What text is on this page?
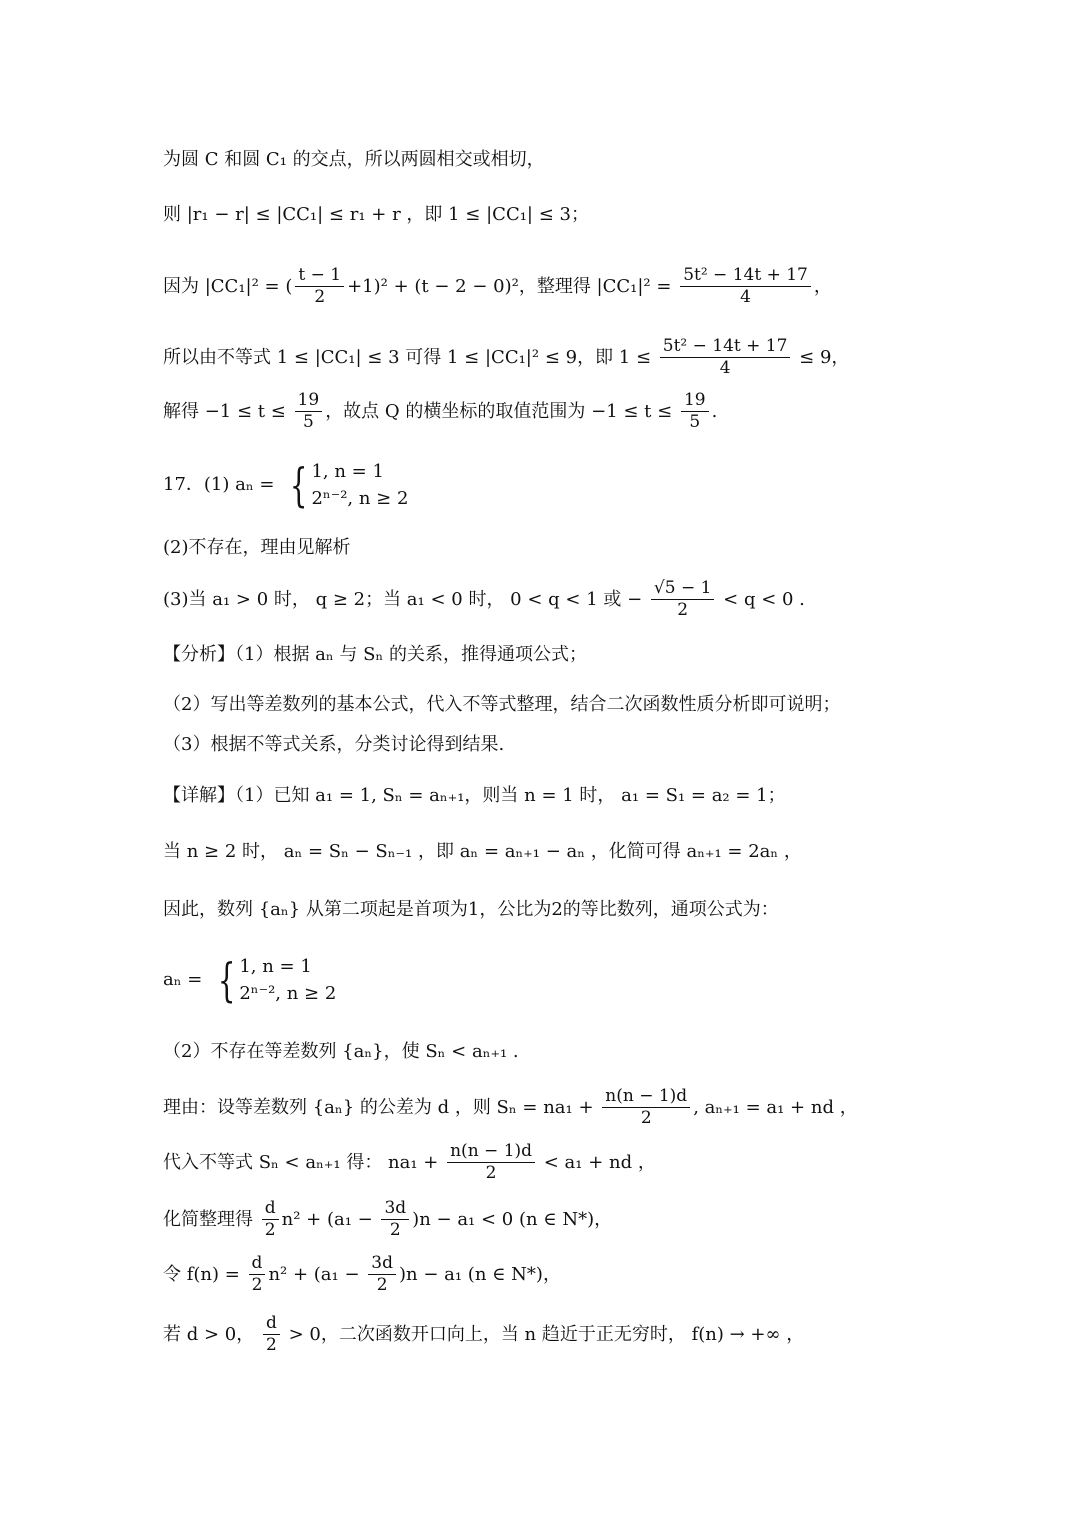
为圆 C 和圆 C₁ 的交点，所以两圆相交或相切，
则 |r₁ − r| ≤ |CC₁| ≤ r₁ + r ，即 1 ≤ |CC₁| ≤ 3；
因为 |CC₁|² = ( $\frac{t - 1}{2} +1)^2 + (t - 2 - 0)^2$，整理得 $|CC_1|^2 = \frac{\text{5t² − 14t + 17}}{4}$ ，
所以由不等式 1 ≤ |CC₁| ≤ 3 可得 1 ≤ |CC₁|² ≤ 9，即 $1 \le \frac{\text{5t² − 14t + 17}}{4} \le 9$，
解得 $-1 \le t \le \frac{19}{5}$ ，故点 Q 的横坐标的取值范围为 $-1 \le t \le \frac{19}{5}$ .
17．(1) aₙ = { 1, n = 1
2ⁿ⁻², n ≥ 2
(2)不存在，理由见解析
(3)当 a₁ > 0 时， q ≥ 2；当 a₁ < 0 时， 0 < q < 1 或 − $\frac{√5 - 1}{2} < q < 0$ .
【分析】（1）根据 aₙ 与 Sₙ 的关系，推得通项公式；
（2）写出等差数列的基本公式，代入不等式整理，结合二次函数性质分析即可说明；
（3）根据不等式关系，分类讨论得到结果.
【详解】（1）已知 a₁ = 1, Sₙ = aₙ₊₁，则当 n = 1 时， a₁ = S₁ = a₂ = 1；
当 n ≥ 2 时， aₙ = Sₙ − Sₙ₋₁ ，即 aₙ = aₙ₊₁ − aₙ ，化简可得 aₙ₊₁ = 2aₙ ，
因此，数列 {aₙ} 从第二项起是首项为1，公比为2的等比数列，通项公式为：
aₙ = { 1, n = 1
2ⁿ⁻², n ≥ 2
（2）不存在等差数列 {aₙ}，使 Sₙ < aₙ₊₁ .
理由：设等差数列 {aₙ} 的公差为 d ，则 $S_n = na_1 + \frac{n(n - 1)d}{2}$ , aₙ₊₁ = a₁ + nd ，
代入不等式 Sₙ < aₙ₊₁ 得： $na_1 + \frac{n(n - 1)d}{2} < a_1$ + nd ，
化简整理得 $\frac{d}{2} n^2 + (a_1 - \frac{3d}{2} )n - a_1 < 0$ (n ∈ N*)，
令 $f(n) = \frac{d}{2} n^2 + (a_1 - \frac{3d}{2} )n - a_1$ (n ∈ N*)，
若 d > 0， $\frac{d}{2} > 0$，二次函数开口向上，当 n 趋近于正无穷时， f(n) → +∞ ，
